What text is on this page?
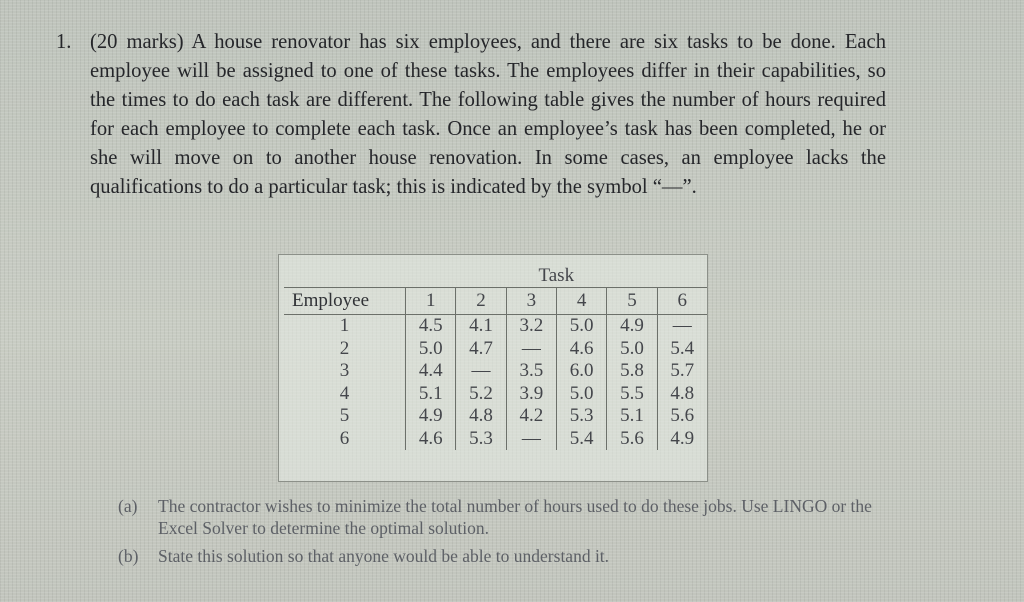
1. (20 marks) A house renovator has six employees, and there are six tasks to be done. Each employee will be assigned to one of these tasks. The employees differ in their capabilities, so the times to do each task are different. The following table gives the number of hours required for each employee to complete each task. Once an employee’s task has been completed, he or she will move on to another house renovation. In some cases, an employee lacks the qualifications to do a particular task; this is indicated by the symbol “—”.
	Task					
Employee	1	2	3	4	5	6
1	4.5	4.1	3.2	5.0	4.9	—
2	5.0	4.7	—	4.6	5.0	5.4
3	4.4	—	3.5	6.0	5.8	5.7
4	5.1	5.2	3.9	5.0	5.5	4.8
5	4.9	4.8	4.2	5.3	5.1	5.6
6	4.6	5.3	—	5.4	5.6	4.9
(a) The contractor wishes to minimize the total number of hours used to do these jobs. Use LINGO or the Excel Solver to determine the optimal solution.
(b) State this solution so that anyone would be able to understand it.
